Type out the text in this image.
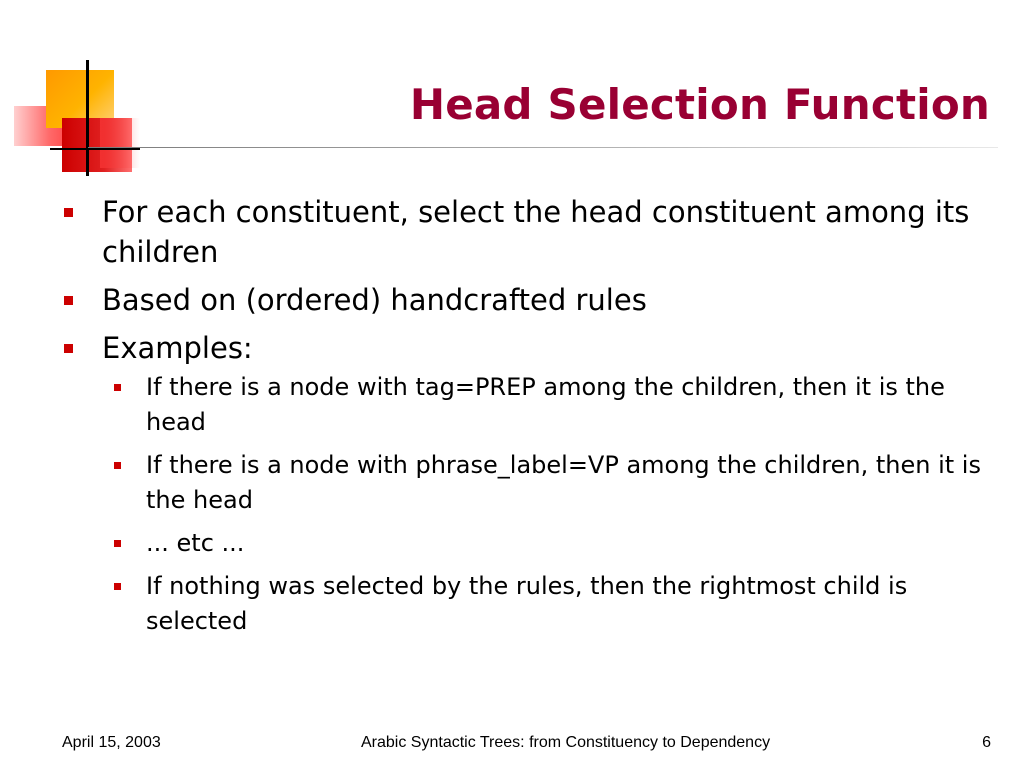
Head Selection Function
For each constituent, select the head constituent among its children
Based on (ordered) handcrafted rules
Examples:
If there is a node with tag=PREP among the children, then it is the head
If there is a node with phrase_label=VP among the children, then it is the head
... etc ...
If nothing was selected by the rules, then the rightmost child is selected
April 15, 2003	Arabic Syntactic Trees: from Constituency to Dependency	6
